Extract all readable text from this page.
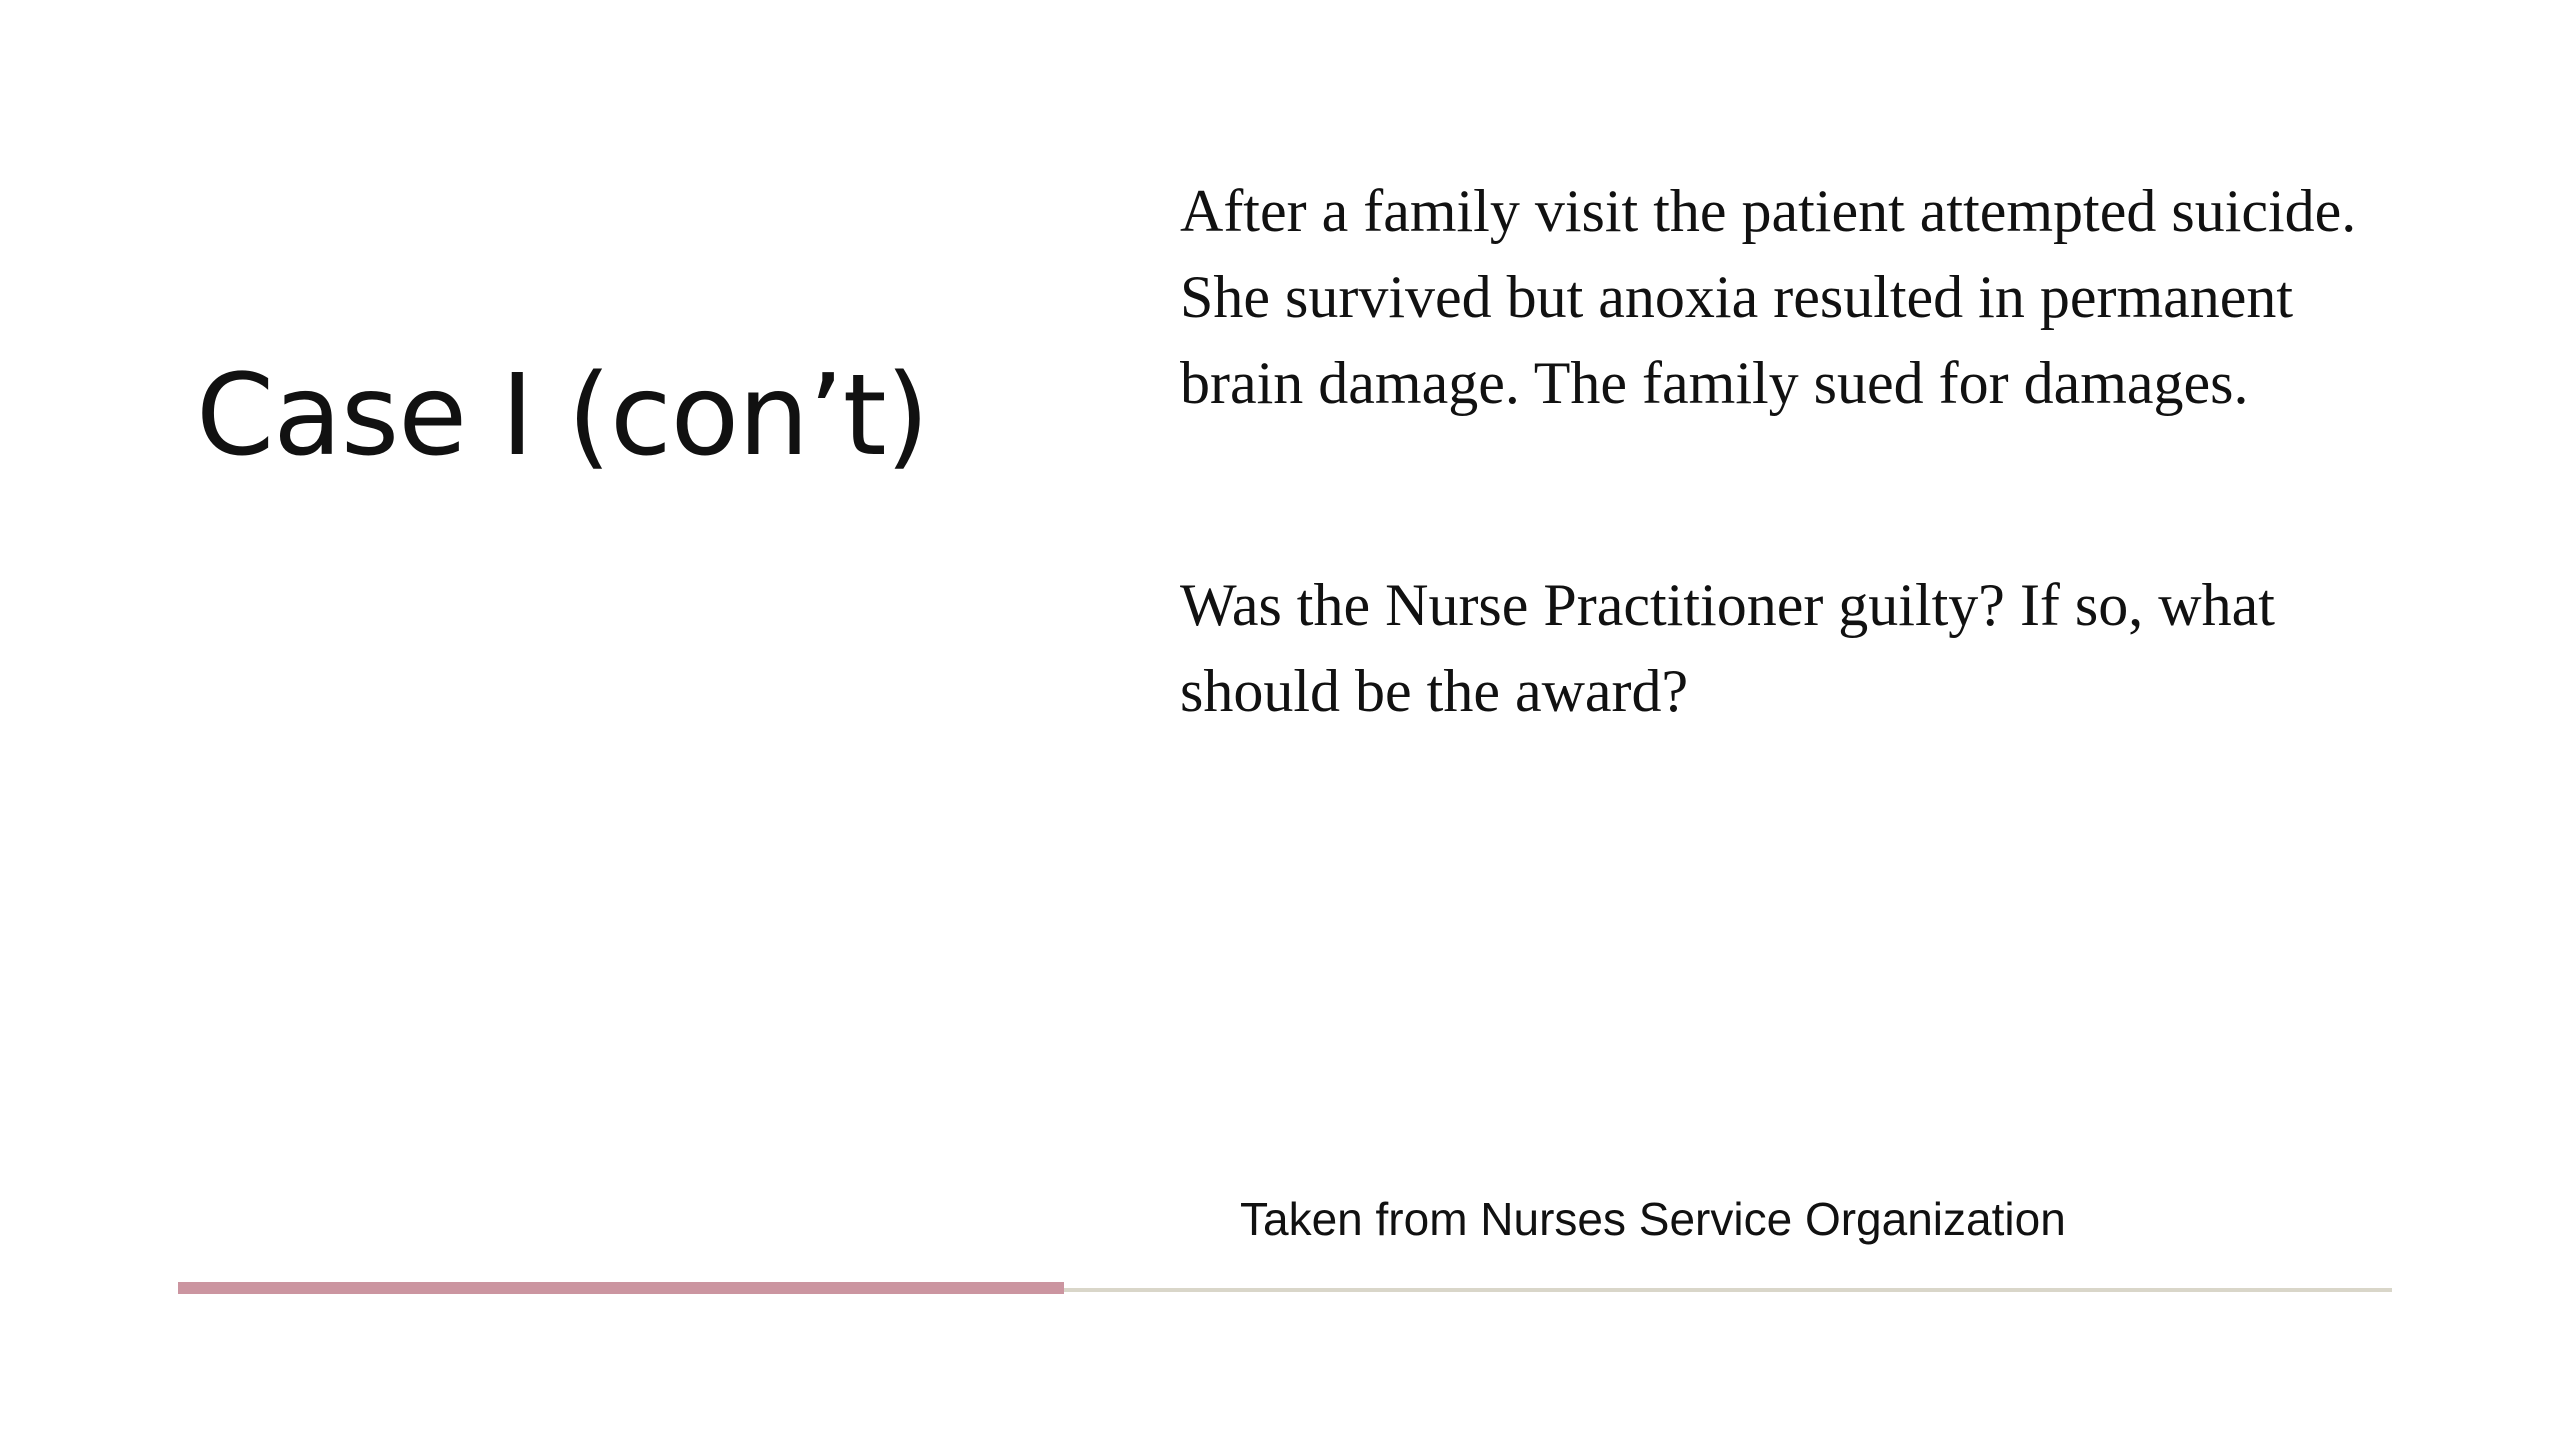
Case I (con’t)

After a family visit the patient attempted suicide. She survived but anoxia resulted in permanent brain damage. The family sued for damages.

Was the Nurse Practitioner guilty? If so, what should be the award?

Taken from Nurses Service Organization
